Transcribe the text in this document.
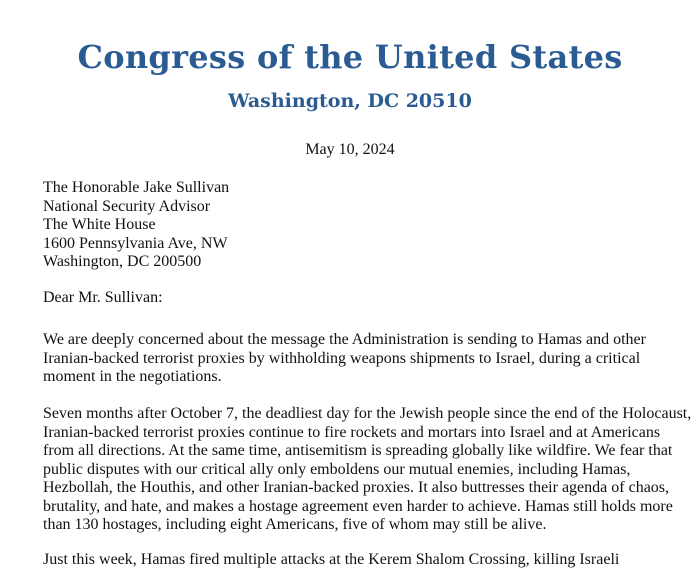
Congress of the United States
Washington, DC 20510
May 10, 2024
The Honorable Jake Sullivan
National Security Advisor
The White House
1600 Pennsylvania Ave, NW
Washington, DC 200500
Dear Mr. Sullivan:

We are deeply concerned about the message the Administration is sending to Hamas and other Iranian-backed terrorist proxies by withholding weapons shipments to Israel, during a critical moment in the negotiations.

Seven months after October 7, the deadliest day for the Jewish people since the end of the Holocaust, Iranian-backed terrorist proxies continue to fire rockets and mortars into Israel and at Americans from all directions. At the same time, antisemitism is spreading globally like wildfire. We fear that public disputes with our critical ally only emboldens our mutual enemies, including Hamas, Hezbollah, the Houthis, and other Iranian-backed proxies. It also buttresses their agenda of chaos, brutality, and hate, and makes a hostage agreement even harder to achieve. Hamas still holds more than 130 hostages, including eight Americans, five of whom may still be alive.

Just this week, Hamas fired multiple attacks at the Kerem Shalom Crossing, killing Israeli
